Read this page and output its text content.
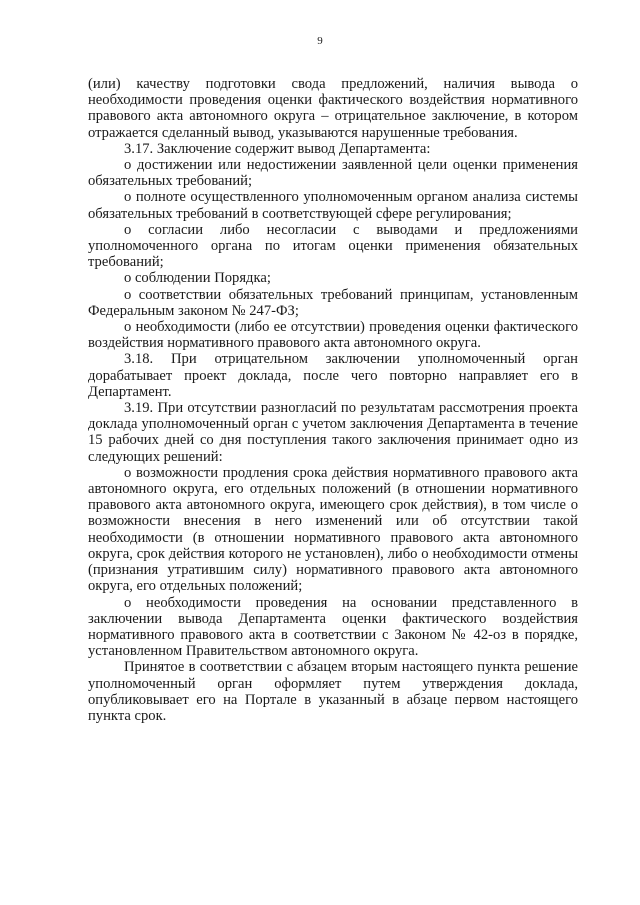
9

(или) качеству подготовки свода предложений, наличия вывода о необходимости проведения оценки фактического воздействия нормативного правового акта автономного округа – отрицательное заключение, в котором отражается сделанный вывод, указываются нарушенные требования.

3.17. Заключение содержит вывод Департамента:

о достижении или недостижении заявленной цели оценки применения обязательных требований;

о полноте осуществленного уполномоченным органом анализа системы обязательных требований в соответствующей сфере регулирования;

о согласии либо несогласии с выводами и предложениями уполномоченного органа по итогам оценки применения обязательных требований;

о соблюдении Порядка;

о соответствии обязательных требований принципам, установленным Федеральным законом № 247-ФЗ;

о необходимости (либо ее отсутствии) проведения оценки фактического воздействия нормативного правового акта автономного округа.

3.18. При отрицательном заключении уполномоченный орган дорабатывает проект доклада, после чего повторно направляет его в Департамент.

3.19. При отсутствии разногласий по результатам рассмотрения проекта доклада уполномоченный орган с учетом заключения Департамента в течение 15 рабочих дней со дня поступления такого заключения принимает одно из следующих решений:

о возможности продления срока действия нормативного правового акта автономного округа, его отдельных положений (в отношении нормативного правового акта автономного округа, имеющего срок действия), в том числе о возможности внесения в него изменений или об отсутствии такой необходимости (в отношении нормативного правового акта автономного округа, срок действия которого не установлен), либо о необходимости отмены (признания утратившим силу) нормативного правового акта автономного округа, его отдельных положений;

о необходимости проведения на основании представленного в заключении вывода Департамента оценки фактического воздействия нормативного правового акта в соответствии с Законом № 42-оз в порядке, установленном Правительством автономного округа.

Принятое в соответствии с абзацем вторым настоящего пункта решение уполномоченный орган оформляет путем утверждения доклада, опубликовывает его на Портале в указанный в абзаце первом настоящего пункта срок.
